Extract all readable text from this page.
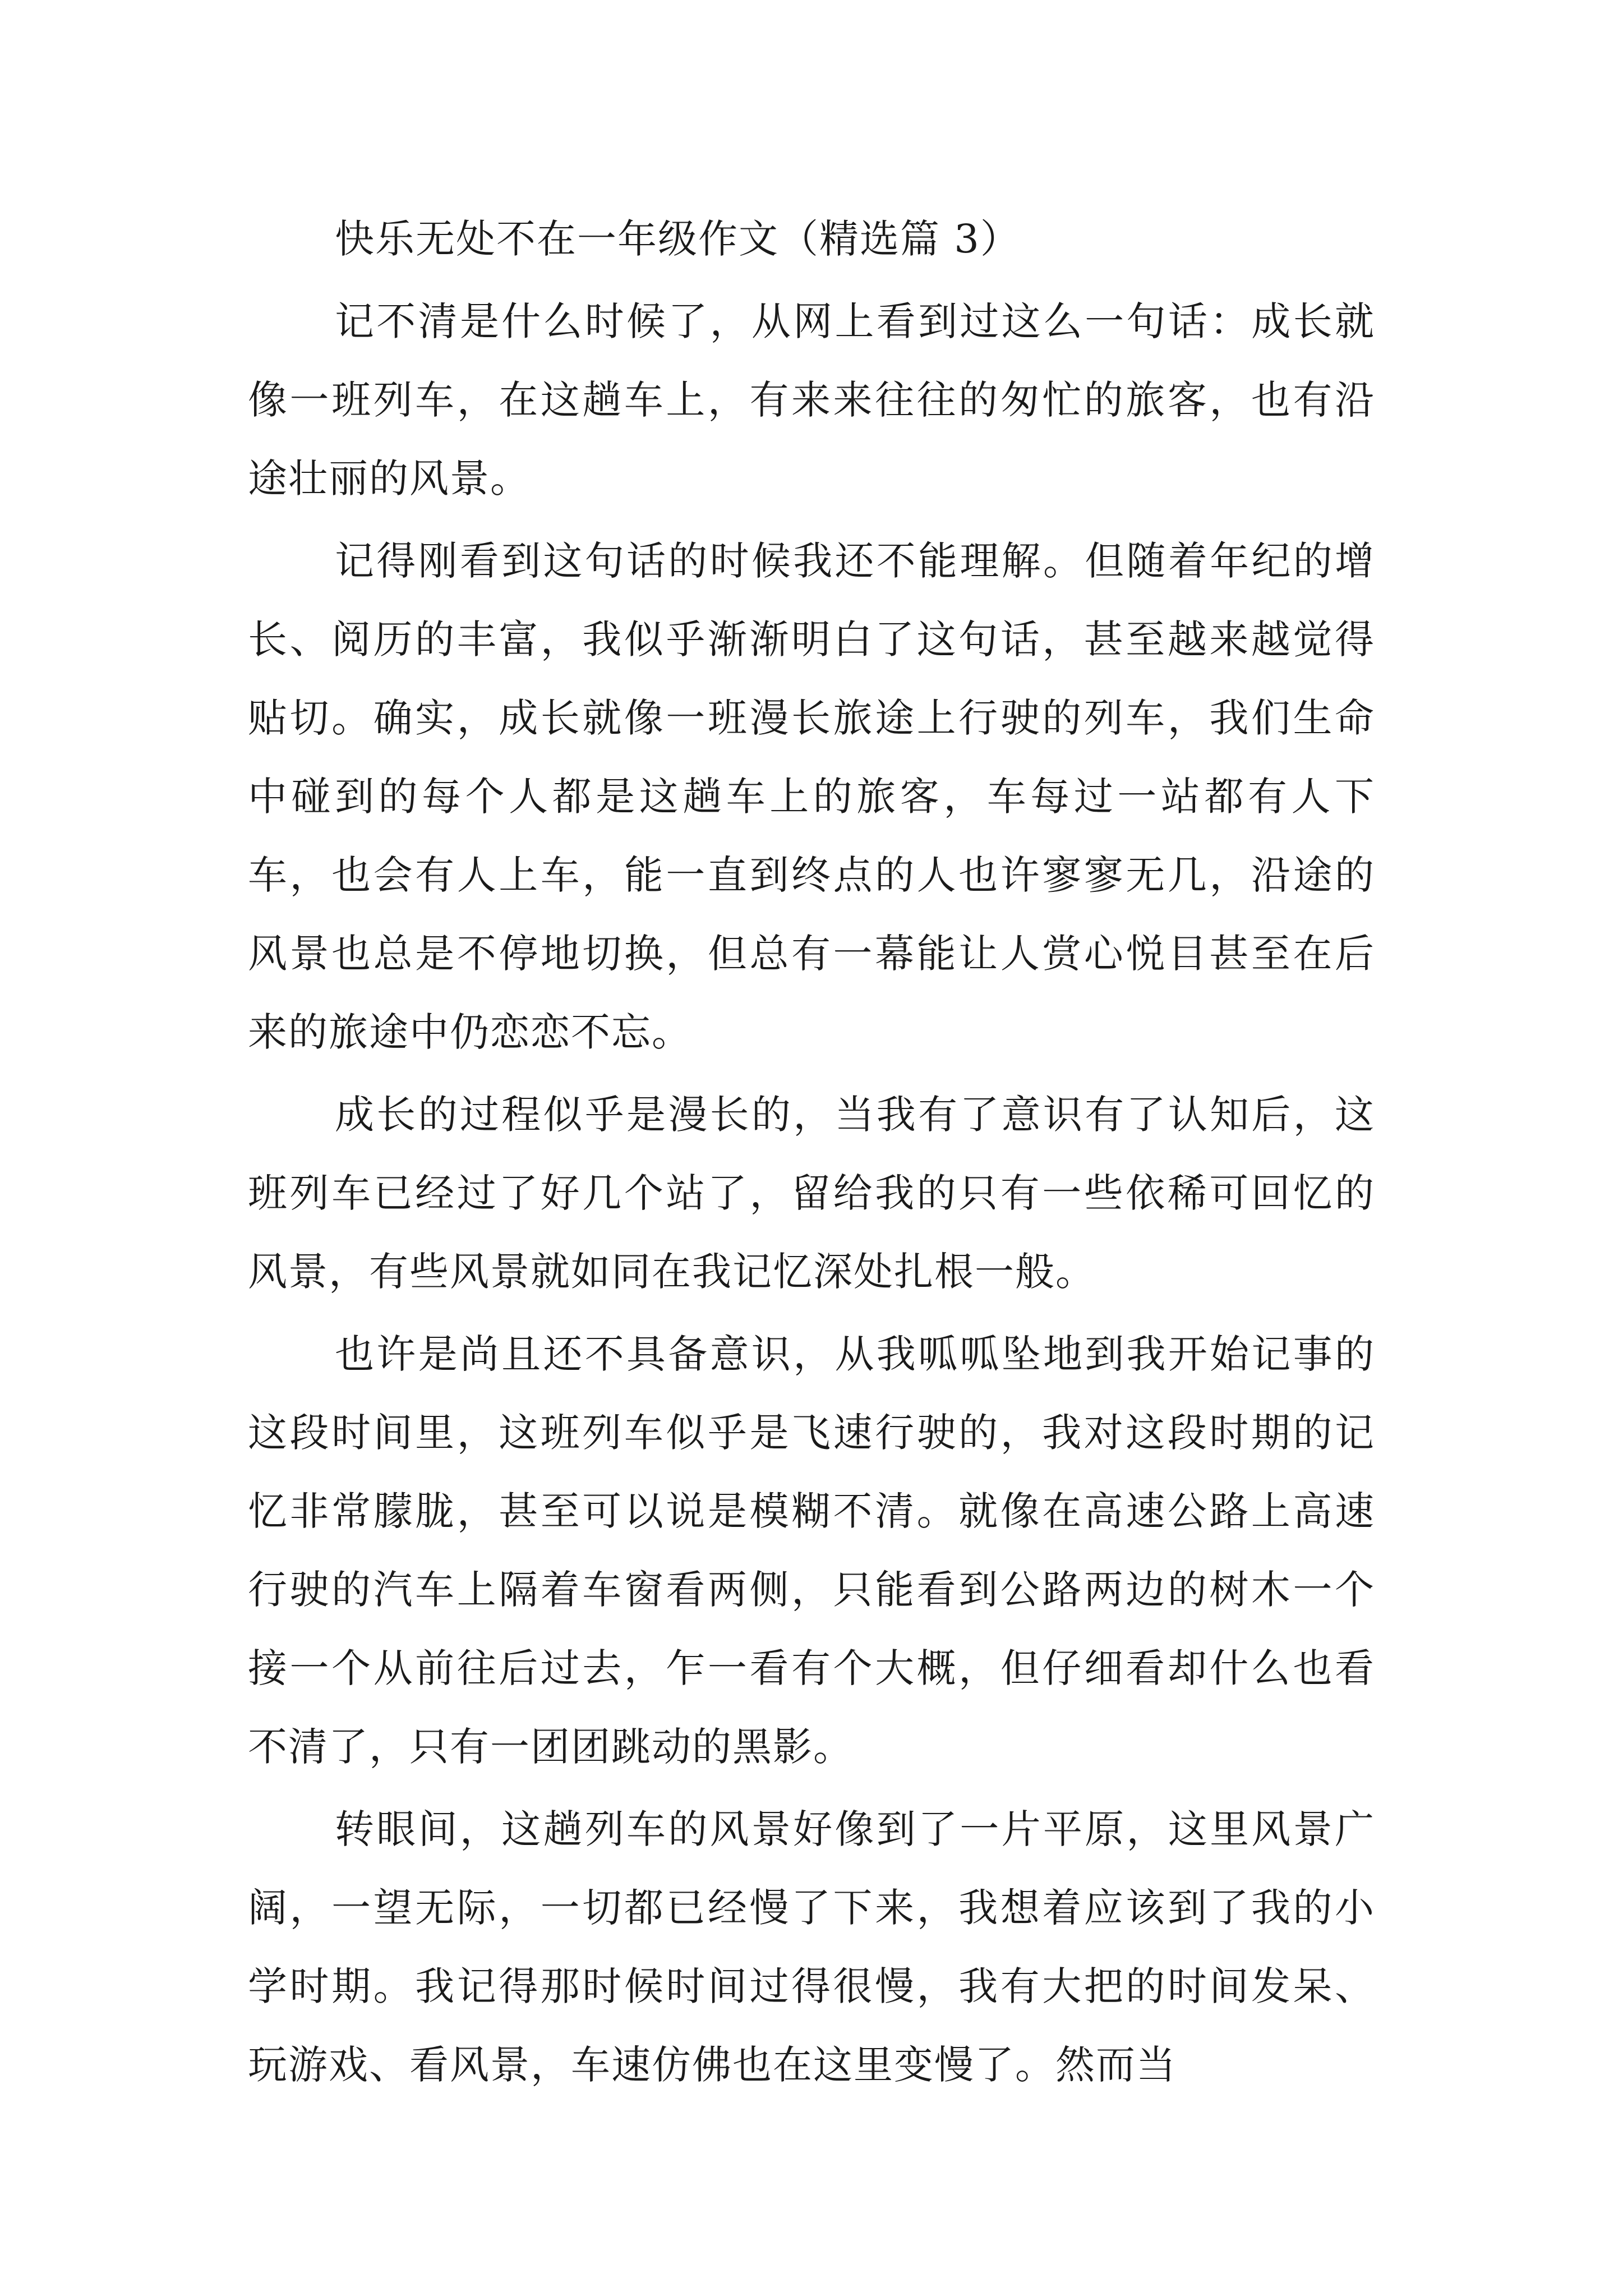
快乐无处不在一年级作文（精选篇 3）

记不清是什么时候了，从网上看到过这么一句话：成长就像一班列车，在这趟车上，有来来往往的匆忙的旅客，也有沿途壮丽的风景。

记得刚看到这句话的时候我还不能理解。但随着年纪的增长、阅历的丰富，我似乎渐渐明白了这句话，甚至越来越觉得贴切。确实，成长就像一班漫长旅途上行驶的列车，我们生命中碰到的每个人都是这趟车上的旅客，车每过一站都有人下车，也会有人上车，能一直到终点的人也许寥寥无几，沿途的风景也总是不停地切换，但总有一幕能让人赏心悦目甚至在后来的旅途中仍恋恋不忘。

成长的过程似乎是漫长的，当我有了意识有了认知后，这班列车已经过了好几个站了，留给我的只有一些依稀可回忆的风景，有些风景就如同在我记忆深处扎根一般。

也许是尚且还不具备意识，从我呱呱坠地到我开始记事的这段时间里，这班列车似乎是飞速行驶的，我对这段时期的记忆非常朦胧，甚至可以说是模糊不清。就像在高速公路上高速行驶的汽车上隔着车窗看两侧，只能看到公路两边的树木一个接一个从前往后过去，乍一看有个大概，但仔细看却什么也看不清了，只有一团团跳动的黑影。

转眼间，这趟列车的风景好像到了一片平原，这里风景广阔，一望无际，一切都已经慢了下来，我想着应该到了我的小学时期。我记得那时候时间过得很慢，我有大把的时间发呆、玩游戏、看风景，车速仿佛也在这里变慢了。然而当
